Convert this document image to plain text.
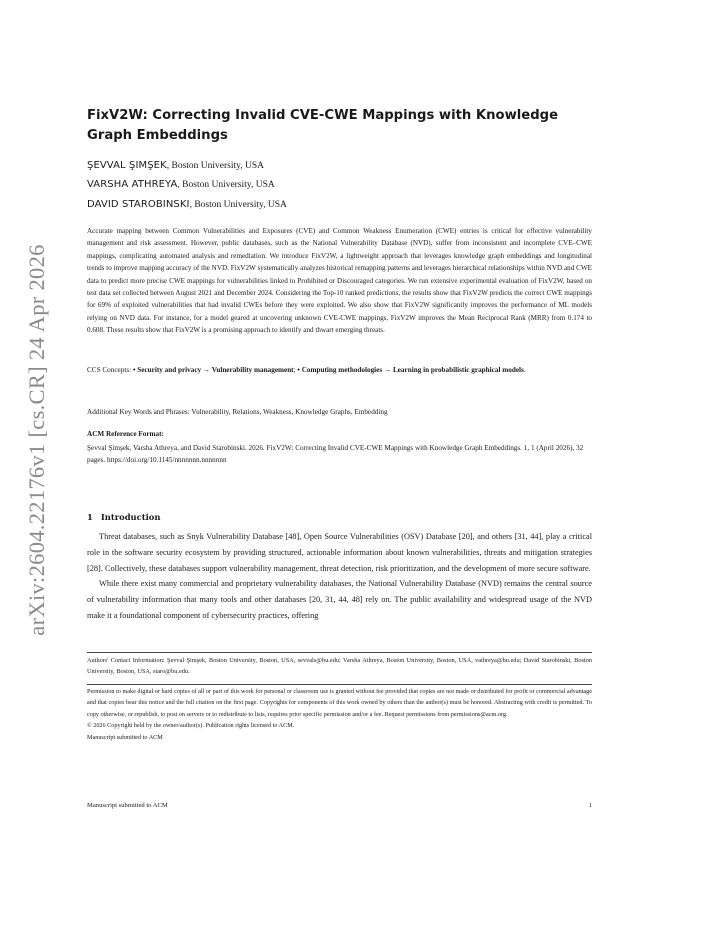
arXiv:2604.22176v1 [cs.CR] 24 Apr 2026
FixV2W: Correcting Invalid CVE-CWE Mappings with Knowledge Graph Embeddings
ŞEVVAL ŞIMŞEK, Boston University, USA
VARSHA ATHREYA, Boston University, USA
DAVID STAROBINSKI, Boston University, USA

Accurate mapping between Common Vulnerabilities and Exposures (CVE) and Common Weakness Enumeration (CWE) entries is critical for effective vulnerability management and risk assessment. However, public databases, such as the National Vulnerability Database (NVD), suffer from inconsistent and incomplete CVE–CWE mappings, complicating automated analysis and remediation. We introduce FixV2W, a lightweight approach that leverages knowledge graph embeddings and longitudinal trends to improve mapping accuracy of the NVD. FixV2W systematically analyzes historical remapping patterns and leverages hierarchical relationships within NVD and CWE data to predict more precise CWE mappings for vulnerabilities linked to Prohibited or Discouraged categories. We run extensive experimental evaluation of FixV2W, based on test data set collected between August 2021 and December 2024. Considering the Top-10 ranked predictions, the results show that FixV2W predicts the correct CWE mappings for 69% of exploited vulnerabilities that had invalid CWEs before they were exploited. We also show that FixV2W significantly improves the performance of ML models relying on NVD data. For instance, for a model geared at uncovering unknown CVE-CWE mappings, FixV2W improves the Mean Reciprocal Rank (MRR) from 0.174 to 0.608. These results show that FixV2W is a promising approach to identify and thwart emerging threats.

CCS Concepts: • Security and privacy → Vulnerability management; • Computing methodologies → Learning in probabilistic graphical models.

Additional Key Words and Phrases: Vulnerability, Relations, Weakness, Knowledge Graphs, Embedding

ACM Reference Format:

Şevval Şimşek, Varsha Athreya, and David Starobinski. 2026. FixV2W: Correcting Invalid CVE-CWE Mappings with Knowledge Graph Embeddings. 1, 1 (April 2026), 32 pages. https://doi.org/10.1145/nnnnnnn.nnnnnnn

1 Introduction

Threat databases, such as Snyk Vulnerability Database [48], Open Source Vulnerabilities (OSV) Database [20], and others [31, 44], play a critical role in the software security ecosystem by providing structured, actionable information about known vulnerabilities, threats and mitigation strategies [28]. Collectively, these databases support vulnerability management, threat detection, risk prioritization, and the development of more secure software.

While there exist many commercial and proprietary vulnerability databases, the National Vulnerability Database (NVD) remains the central source of vulnerability information that many tools and other databases [20, 31, 44, 48] rely on. The public availability and widespread usage of the NVD make it a foundational component of cybersecurity practices, offering

Authors' Contact Information: Şevval Şimşek, Boston University, Boston, USA, sevvals@bu.edu; Varsha Athreya, Boston University, Boston, USA, vathreya@bu.edu; David Starobinski, Boston University, Boston, USA, staro@bu.edu.

Permission to make digital or hard copies of all or part of this work for personal or classroom use is granted without fee provided that copies are not made or distributed for profit or commercial advantage and that copies bear this notice and the full citation on the first page. Copyrights for components of this work owned by others than the author(s) must be honored. Abstracting with credit is permitted. To copy otherwise, or republish, to post on servers or to redistribute to lists, requires prior specific permission and/or a fee. Request permissions from permissions@acm.org.
© 2026 Copyright held by the owner/author(s). Publication rights licensed to ACM.
Manuscript submitted to ACM
Manuscript submitted to ACM	1
